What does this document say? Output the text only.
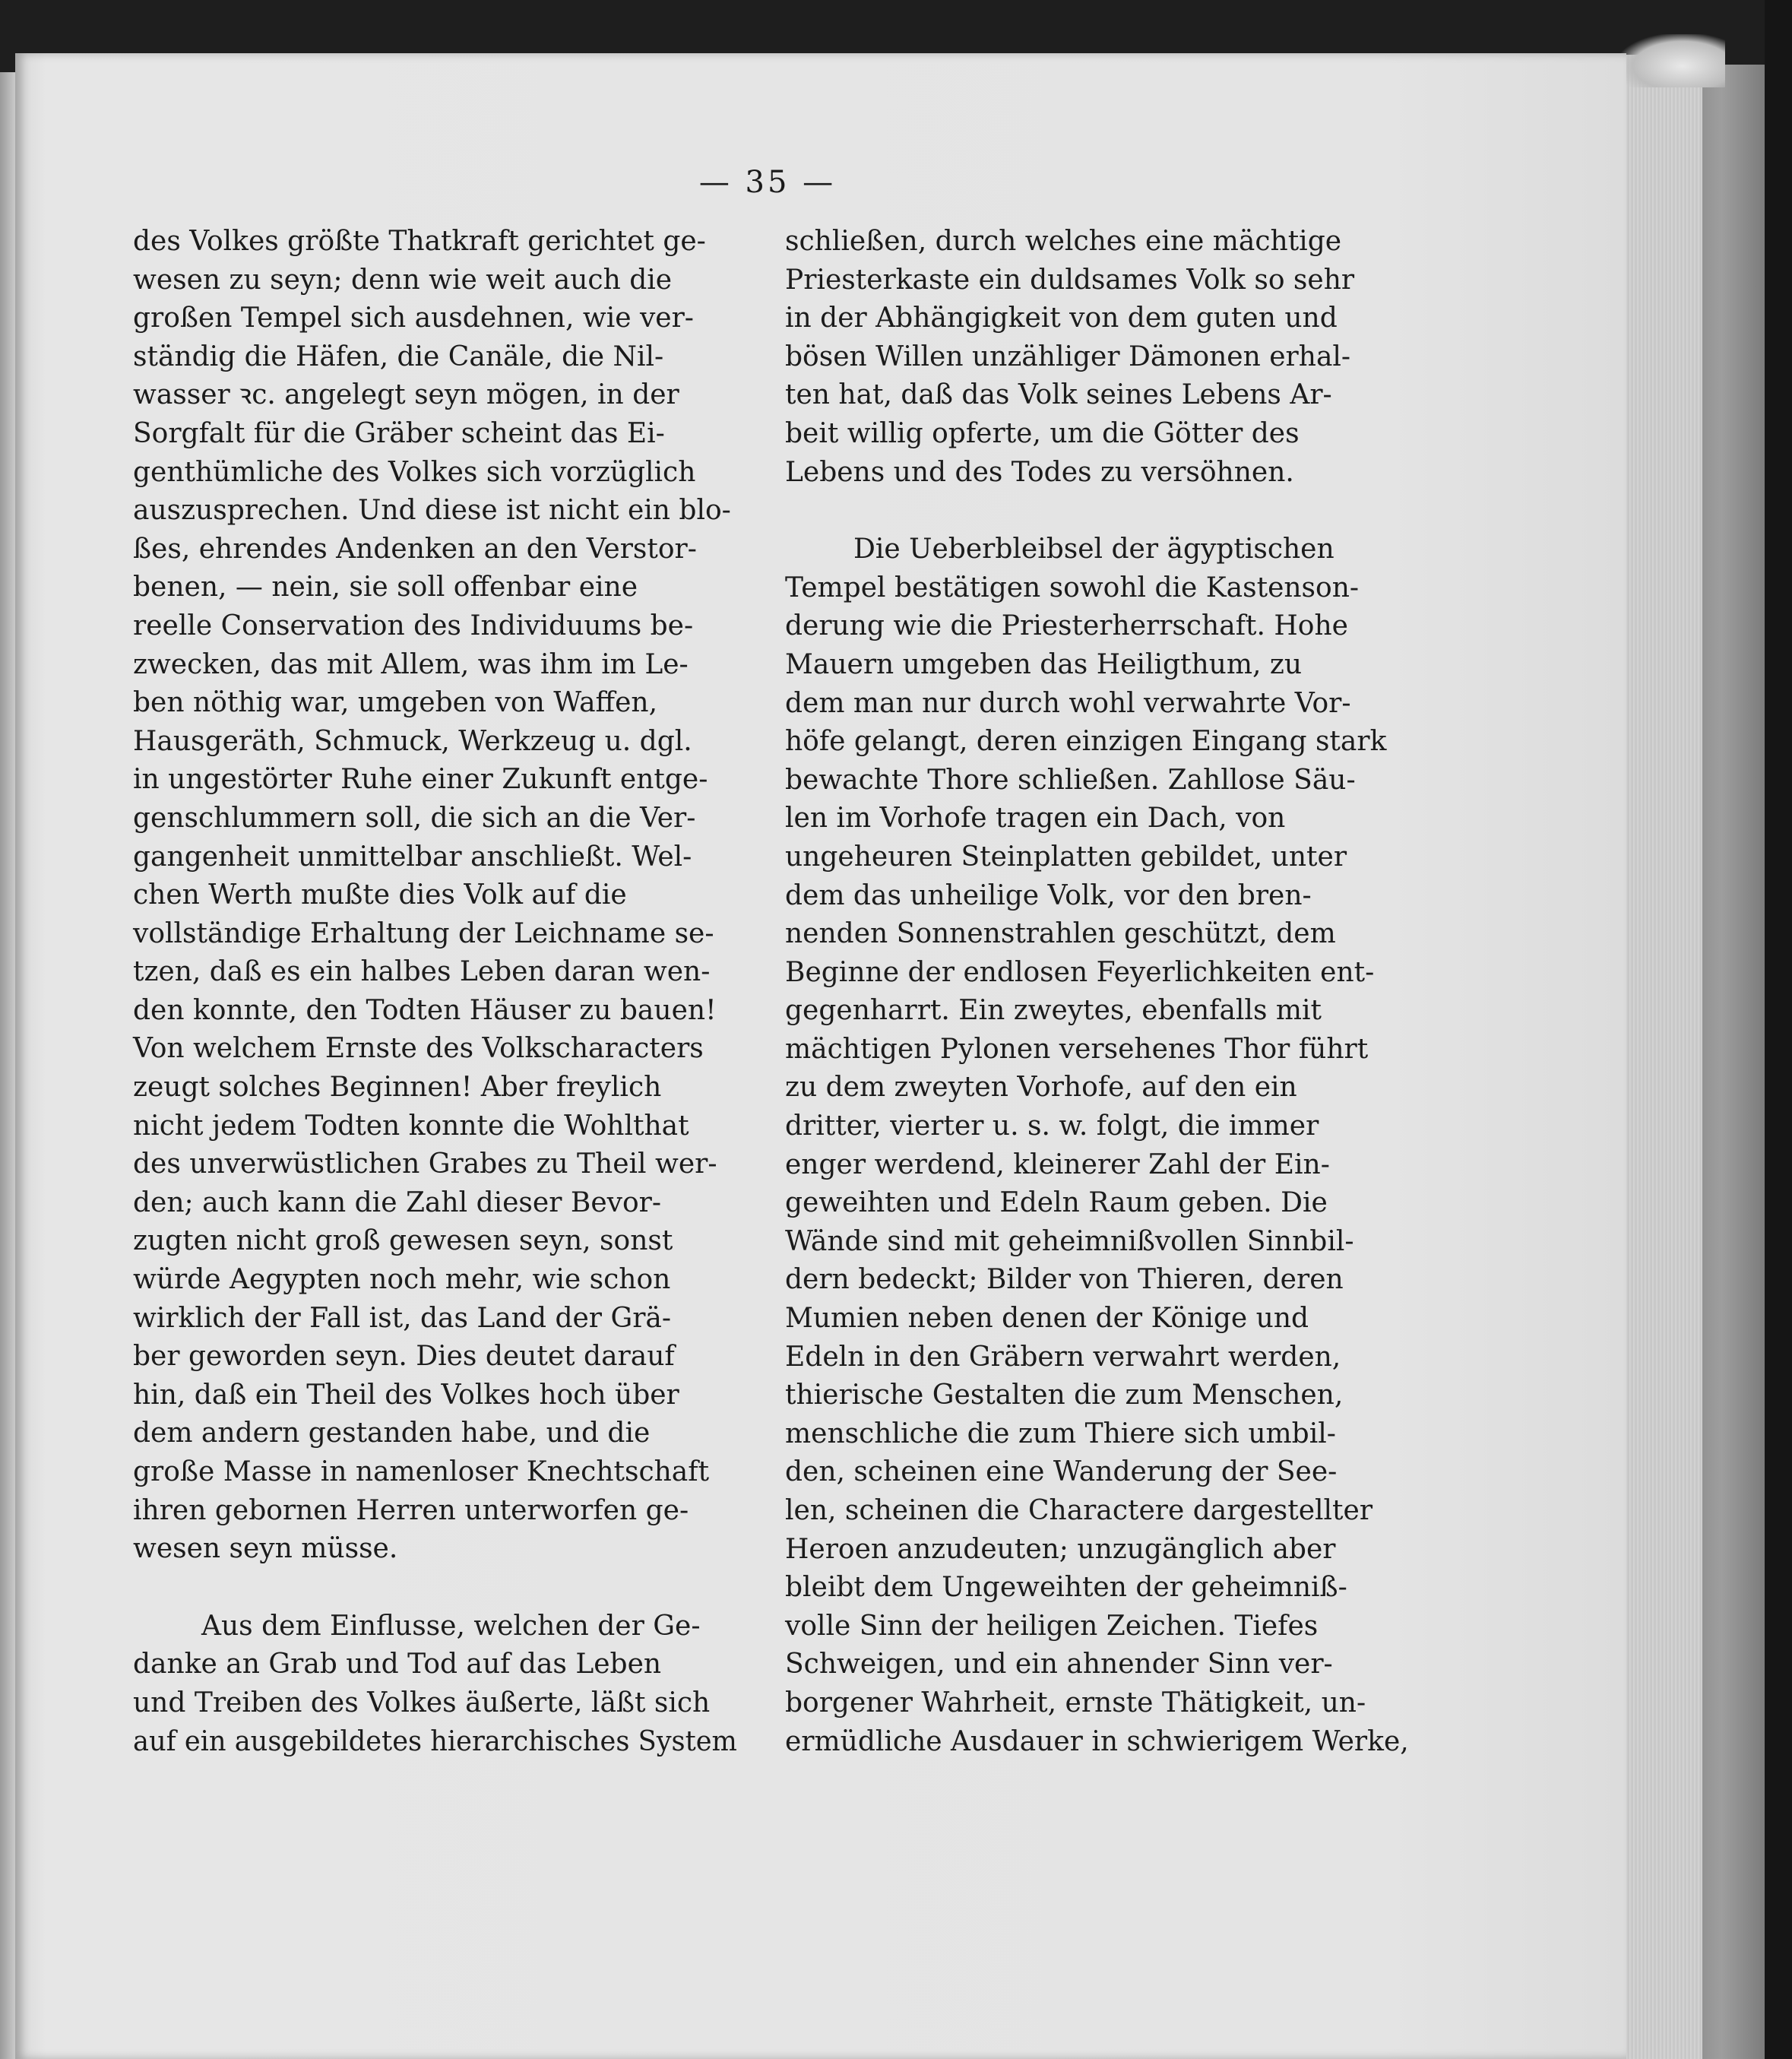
— 35 —
des Volkes größte Thatkraft gerichtet ge-
wesen zu seyn; denn wie weit auch die
großen Tempel sich ausdehnen, wie ver-
ständig die Häfen, die Canäle, die Nil-
wasser ꝛc. angelegt seyn mögen, in der
Sorgfalt für die Gräber scheint das Ei-
genthümliche des Volkes sich vorzüglich
auszusprechen. Und diese ist nicht ein blo-
ßes, ehrendes Andenken an den Verstor-
benen, — nein, sie soll offenbar eine
reelle Conservation des Individuums be-
zwecken, das mit Allem, was ihm im Le-
ben nöthig war, umgeben von Waffen,
Hausgeräth, Schmuck, Werkzeug u. dgl.
in ungestörter Ruhe einer Zukunft entge-
genschlummern soll, die sich an die Ver-
gangenheit unmittelbar anschließt. Wel-
chen Werth mußte dies Volk auf die
vollständige Erhaltung der Leichname se-
tzen, daß es ein halbes Leben daran wen-
den konnte, den Todten Häuser zu bauen!
Von welchem Ernste des Volkscharacters
zeugt solches Beginnen! Aber freylich
nicht jedem Todten konnte die Wohlthat
des unverwüstlichen Grabes zu Theil wer-
den; auch kann die Zahl dieser Bevor-
zugten nicht groß gewesen seyn, sonst
würde Aegypten noch mehr, wie schon
wirklich der Fall ist, das Land der Grä-
ber geworden seyn. Dies deutet darauf
hin, daß ein Theil des Volkes hoch über
dem andern gestanden habe, und die
große Masse in namenloser Knechtschaft
ihren gebornen Herren unterworfen ge-
wesen seyn müsse.
Aus dem Einflusse, welchen der Ge-
danke an Grab und Tod auf das Leben
und Treiben des Volkes äußerte, läßt sich
auf ein ausgebildetes hierarchisches System
schließen, durch welches eine mächtige
Priesterkaste ein duldsames Volk so sehr
in der Abhängigkeit von dem guten und
bösen Willen unzähliger Dämonen erhal-
ten hat, daß das Volk seines Lebens Ar-
beit willig opferte, um die Götter des
Lebens und des Todes zu versöhnen.
Die Ueberbleibsel der ägyptischen
Tempel bestätigen sowohl die Kastenson-
derung wie die Priesterherrschaft. Hohe
Mauern umgeben das Heiligthum, zu
dem man nur durch wohl verwahrte Vor-
höfe gelangt, deren einzigen Eingang stark
bewachte Thore schließen. Zahllose Säu-
len im Vorhofe tragen ein Dach, von
ungeheuren Steinplatten gebildet, unter
dem das unheilige Volk, vor den bren-
nenden Sonnenstrahlen geschützt, dem
Beginne der endlosen Feyerlichkeiten ent-
gegenharrt. Ein zweytes, ebenfalls mit
mächtigen Pylonen versehenes Thor führt
zu dem zweyten Vorhofe, auf den ein
dritter, vierter u. s. w. folgt, die immer
enger werdend, kleinerer Zahl der Ein-
geweihten und Edeln Raum geben. Die
Wände sind mit geheimnißvollen Sinnbil-
dern bedeckt; Bilder von Thieren, deren
Mumien neben denen der Könige und
Edeln in den Gräbern verwahrt werden,
thierische Gestalten die zum Menschen,
menschliche die zum Thiere sich umbil-
den, scheinen eine Wanderung der See-
len, scheinen die Charactere dargestellter
Heroen anzudeuten; unzugänglich aber
bleibt dem Ungeweihten der geheimniß-
volle Sinn der heiligen Zeichen. Tiefes
Schweigen, und ein ahnender Sinn ver-
borgener Wahrheit, ernste Thätigkeit, un-
ermüdliche Ausdauer in schwierigem Werke,
